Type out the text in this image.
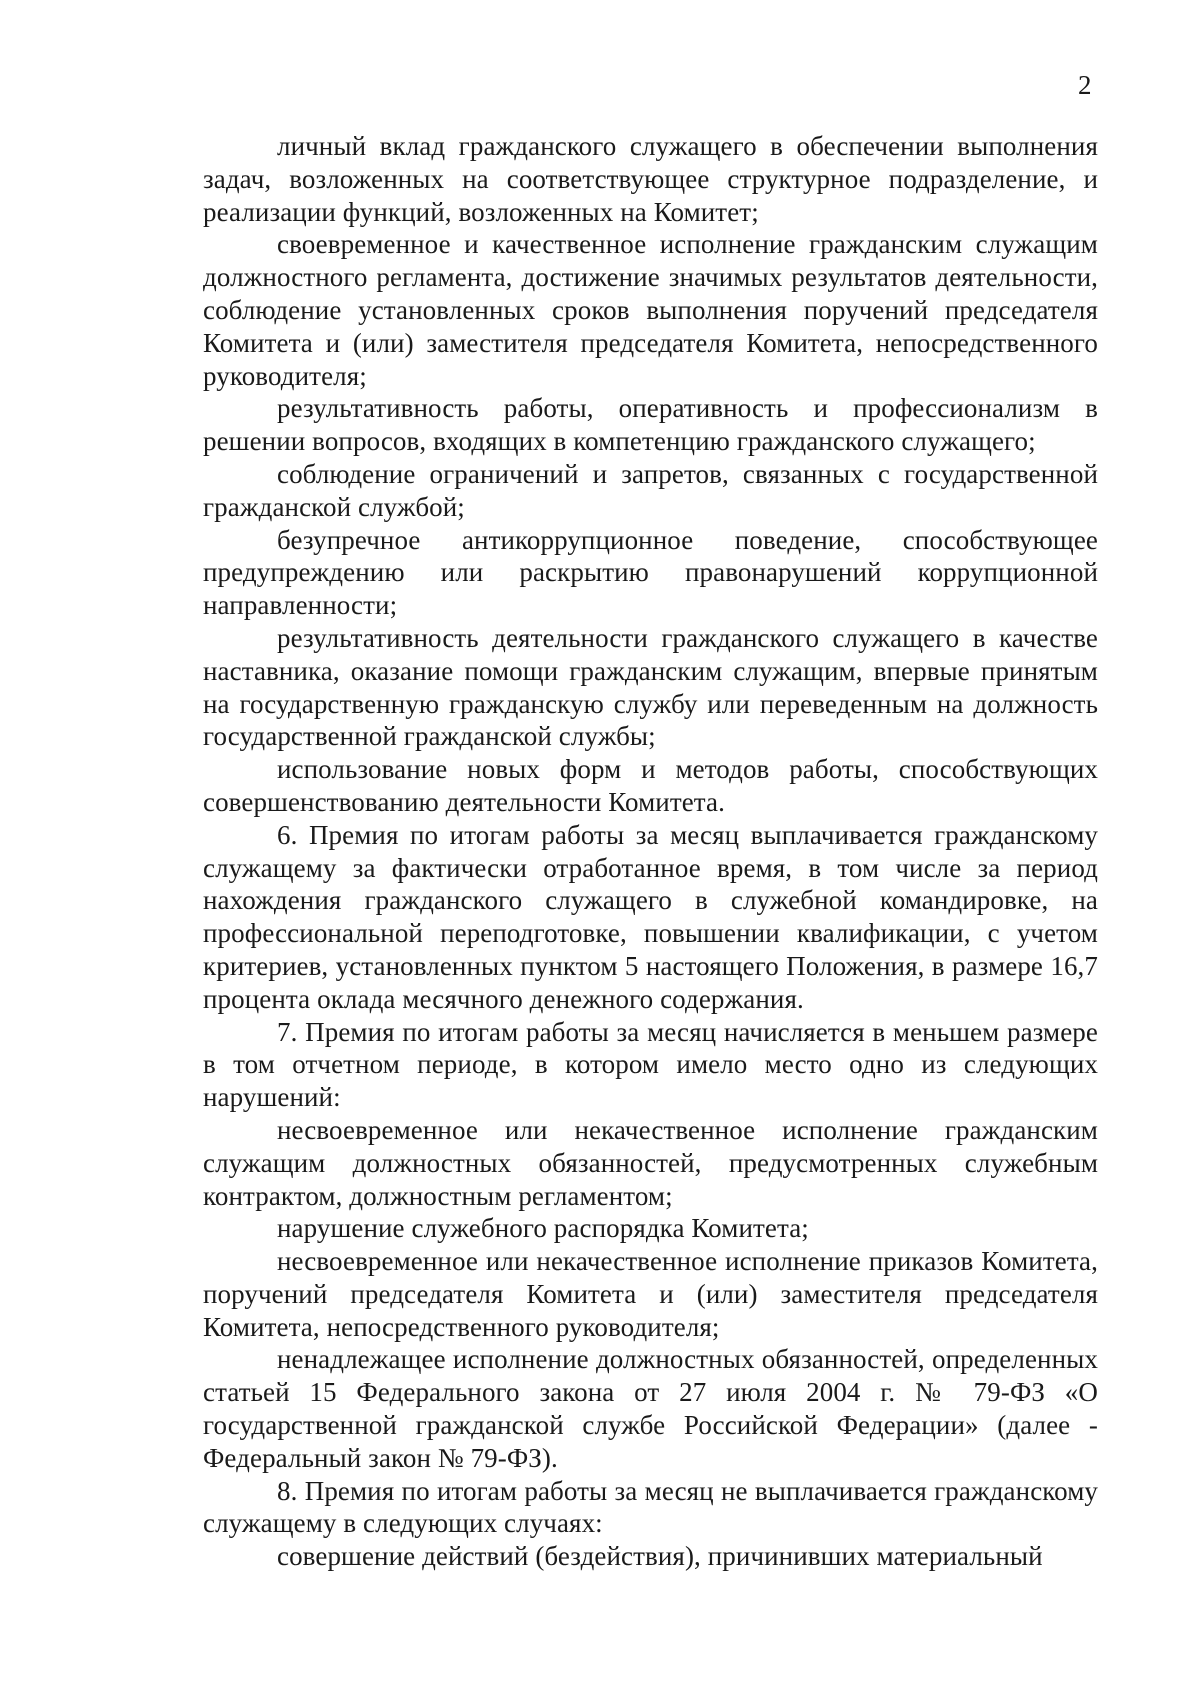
2

личный вклад гражданского служащего в обеспечении выполнения задач, возложенных на соответствующее структурное подразделение, и реализации функций, возложенных на Комитет;

своевременное и качественное исполнение гражданским служащим должностного регламента, достижение значимых результатов деятельности, соблюдение установленных сроков выполнения поручений председателя Комитета и (или) заместителя председателя Комитета, непосредственного руководителя;

результативность работы, оперативность и профессионализм в решении вопросов, входящих в компетенцию гражданского служащего;

соблюдение ограничений и запретов, связанных с государственной гражданской службой;

безупречное антикоррупционное поведение, способствующее предупреждению или раскрытию правонарушений коррупционной направленности;

результативность деятельности гражданского служащего в качестве наставника, оказание помощи гражданским служащим, впервые принятым на государственную гражданскую службу или переведенным на должность государственной гражданской службы;

использование новых форм и методов работы, способствующих совершенствованию деятельности Комитета.

6. Премия по итогам работы за месяц выплачивается гражданскому служащему за фактически отработанное время, в том числе за период нахождения гражданского служащего в служебной командировке, на профессиональной переподготовке, повышении квалификации, с учетом критериев, установленных пунктом 5 настоящего Положения, в размере 16,7 процента оклада месячного денежного содержания.

7. Премия по итогам работы за месяц начисляется в меньшем размере в том отчетном периоде, в котором имело место одно из следующих нарушений:

несвоевременное или некачественное исполнение гражданским служащим должностных обязанностей, предусмотренных служебным контрактом, должностным регламентом;

нарушение служебного распорядка Комитета;

несвоевременное или некачественное исполнение приказов Комитета, поручений председателя Комитета и (или) заместителя председателя Комитета, непосредственного руководителя;

ненадлежащее исполнение должностных обязанностей, определенных статьей 15 Федерального закона от 27 июля 2004 г. № 79-ФЗ «О государственной гражданской службе Российской Федерации» (далее - Федеральный закон № 79-ФЗ).

8. Премия по итогам работы за месяц не выплачивается гражданскому служащему в следующих случаях:

совершение действий (бездействия), причинивших материальный
